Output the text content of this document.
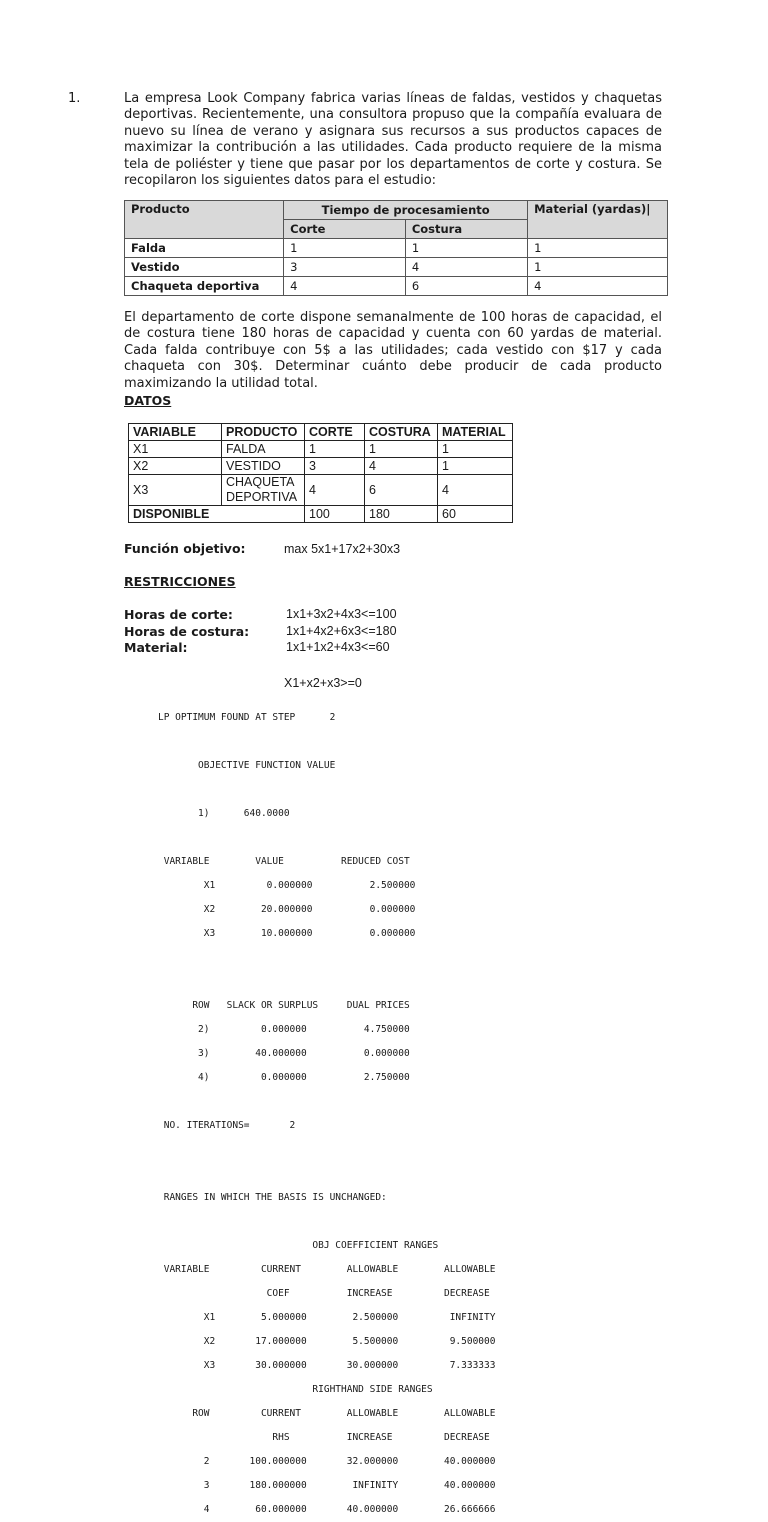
1.	La empresa Look Company fabrica varias líneas de faldas, vestidos y chaquetas deportivas. Recientemente, una consultora propuso que la compañía evaluara de nuevo su línea de verano y asignara sus recursos a sus productos capaces de maximizar la contribución a las utilidades. Cada producto requiere de la misma tela de poliéster y tiene que pasar por los departamentos de corte y costura. Se recopilaron los siguientes datos para el estudio:

Producto	Tiempo de procesamiento		Material (yardas)|
	Corte	Costura	
Falda	1	1	1
Vestido	3	4	1
Chaqueta deportiva	4	6	4

El departamento de corte dispone semanalmente de 100 horas de capacidad, el de costura tiene 180 horas de capacidad y cuenta con 60 yardas de material. Cada falda contribuye con 5$ a las utilidades; cada vestido con $17 y cada chaqueta con 30$. Determinar cuánto debe producir de cada producto maximizando la utilidad total.

DATOS
VARIABLE	PRODUCTO	CORTE	COSTURA	MATERIAL
X1	FALDA	1	1	1
X2	VESTIDO	3	4	1
X3	CHAQUETA
DEPORTIVA	4	6	4
DISPONIBLE		100	180	60
Función objetivo:	max 5x1+17x2+30x3
RESTRICCIONES
Horas de corte:	1x1+3x2+4x3<=100
Horas de costura:	1x1+4x2+6x3<=180
Material:	1x1+1x2+4x3<=60
X1+x2+x3>=0

LP OPTIMUM FOUND AT STEP      2

OBJECTIVE FUNCTION VALUE

1)      640.0000

VARIABLE        VALUE          REDUCED COST

X1         0.000000          2.500000

X2        20.000000          0.000000

X3        10.000000          0.000000

ROW   SLACK OR SURPLUS     DUAL PRICES

2)         0.000000          4.750000

3)        40.000000          0.000000

4)         0.000000          2.750000

NO. ITERATIONS=       2

RANGES IN WHICH THE BASIS IS UNCHANGED:

OBJ COEFFICIENT RANGES

VARIABLE         CURRENT        ALLOWABLE        ALLOWABLE

COEF          INCREASE         DECREASE

X1        5.000000        2.500000         INFINITY

X2       17.000000        5.500000         9.500000

X3       30.000000       30.000000         7.333333

RIGHTHAND SIDE RANGES

ROW         CURRENT        ALLOWABLE        ALLOWABLE

RHS          INCREASE         DECREASE

2       100.000000       32.000000        40.000000

3       180.000000        INFINITY        40.000000

4        60.000000       40.000000        26.666666
